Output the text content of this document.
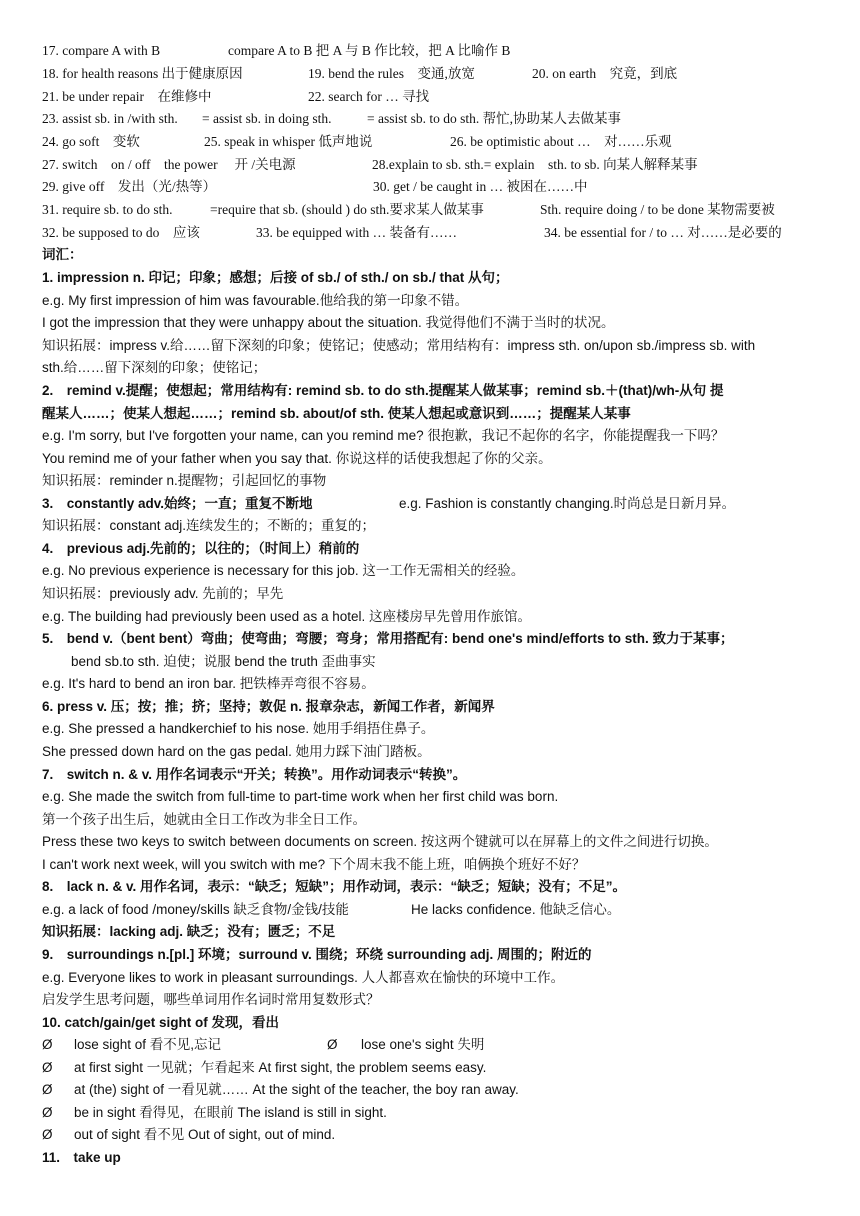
17. compare A with B	compare A to B 把 A 与 B 作比较，把 A 比喻作 B
18. for health reasons 出于健康原因	19. bend the rules　变通,放宽	20. on earth　究竟，到底
21. be under repair　在维修中	22. search for … 寻找
23. assist sb. in /with sth. = assist sb. in doing sth.	= assist sb. to do sth. 帮忙,协助某人去做某事
24. go soft　变软	25. speak in whisper 低声地说	26. be optimistic about …　对……乐观
27. switch　on / off　the power　 开 /关电源	28.explain to sb. sth.= explain　sth. to sb. 向某人解释某事
29. give off　发出（光/热等）	30. get / be caught in … 被困在……中
31. require sb. to do sth.	=require that sb. (should ) do sth.要求某人做某事	Sth. require doing / to be done 某物需要被
32. be supposed to do　应该	33. be equipped with … 装备有……	34. be essential for / to … 对……是必要的
词汇：
1. impression n. 印记；印象；感想；后接 of sb./ of sth./ on sb./ that 从句；
e.g. My first impression of him was favourable.他给我的第一印象不错。
I got the impression that they were unhappy about the situation. 我觉得他们不满于当时的状况。
知识拓展：impress v.给……留下深刻的印象；使铭记；使感动；常用结构有：impress sth. on/upon sb./impress sb. with
sth.给……留下深刻的印象；使铭记；
2.　remind v.提醒；使想起；常用结构有: remind sb. to do sth.提醒某人做某事；remind sb.＋(that)/wh-从句 提
醒某人……；使某人想起……；remind sb. about/of sth. 使某人想起或意识到……；提醒某人某事
e.g. I'm sorry, but I've forgotten your name, can you remind me? 很抱歉，我记不起你的名字，你能提醒我一下吗？
You remind me of your father when you say that. 你说这样的话使我想起了你的父亲。
知识拓展：reminder n.提醒物；引起回忆的事物
3.　constantly adv.始终；一直；重复不断地	e.g. Fashion is constantly changing.时尚总是日新月异。
知识拓展：constant adj.连续发生的；不断的；重复的；
4.　previous adj.先前的；以往的；（时间上）稍前的
e.g. No previous experience is necessary for this job. 这一工作无需相关的经验。
知识拓展：previously adv. 先前的；早先
e.g. The building had previously been used as a hotel. 这座楼房早先曾用作旅馆。
5.　bend v.（bent bent）弯曲；使弯曲；弯腰；弯身；常用搭配有: bend one's mind/efforts to sth. 致力于某事；
bend sb.to sth. 迫使；说服 bend the truth 歪曲事实
e.g. It's hard to bend an iron bar. 把铁棒弄弯很不容易。
6. press v. 压；按；推；挤；坚持；敦促 n. 报章杂志，新闻工作者，新闻界
e.g. She pressed a handkerchief to his nose. 她用手绢捂住鼻子。
She pressed down hard on the gas pedal. 她用力踩下油门踏板。
7.　switch n. & v. 用作名词表示“开关；转换”。用作动词表示“转换”。
e.g. She made the switch from full-time to part-time work when her first child was born.
第一个孩子出生后，她就由全日工作改为非全日工作。
Press these two keys to switch between documents on screen. 按这两个键就可以在屏幕上的文件之间进行切换。
I can't work next week, will you switch with me? 下个周末我不能上班，咱俩换个班好不好？
8.　lack n. & v. 用作名词，表示：“缺乏；短缺”；用作动词，表示：“缺乏；短缺；没有；不足”。
e.g. a lack of food /money/skills 缺乏食物/金钱/技能	He lacks confidence. 他缺乏信心。
知识拓展：lacking adj. 缺乏；没有；匮乏；不足
9.　surroundings n.[pl.] 环境；surround v. 围绕；环绕 surrounding adj. 周围的；附近的
e.g. Everyone likes to work in pleasant surroundings. 人人都喜欢在愉快的环境中工作。
启发学生思考问题，哪些单词用作名词时常用复数形式？
10. catch/gain/get sight of 发现，看出
Ø lose sight of 看不见,忘记	Ø lose one's sight 失明
Ø at first sight 一见就；乍看起来 At first sight, the problem seems easy.
Ø at (the) sight of 一看见就…… At the sight of the teacher, the boy ran away.
Ø be in sight 看得见，在眼前 The island is still in sight.
Ø out of sight 看不见 Out of sight, out of mind.
11.　take up
